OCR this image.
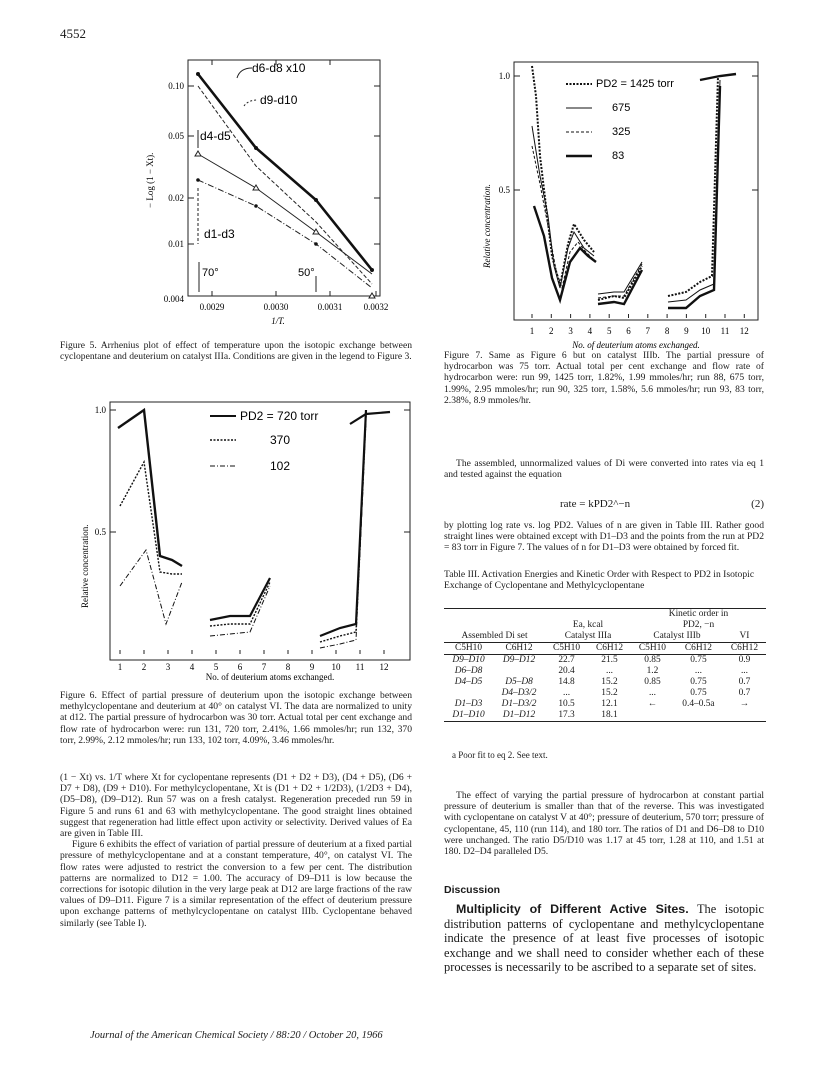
4552
0.10
0.05
0.02
0.01
0.004
0.0029	0.0030	0.0031 0.0032
1/T.
− Log (1 − Xt).
d6-d8 x10
d9-d10
d4-d5
d1-d3
70°	50°
Figure 5. Arrhenius plot of effect of temperature upon the isotopic exchange between cyclopentane and deuterium on catalyst IIIa. Conditions are given in the legend to Figure 3.
1.0
0.5
1 2 3 4 5 6 7 8 9 10 11 12
No. of deuterium atoms exchanged.
Relative concentration.
PD2 = 1425 torr
675
325
83
Figure 7. Same as Figure 6 but on catalyst IIIb. The partial pressure of hydrocarbon was 75 torr. Actual total per cent exchange and flow rate of hydrocarbon were: run 99, 1425 torr, 1.82%, 1.99 mmoles/hr; run 88, 675 torr, 1.99%, 2.95 mmoles/hr; run 90, 325 torr, 1.58%, 5.6 mmoles/hr; run 93, 83 torr, 2.38%, 8.9 mmoles/hr.
1.0
0.5
1 2 3 4 5 6 7 8 9 10 11 12
No. of deuterium atoms exchanged.
Relative concentration.
PD2 = 720 torr
370
102
Figure 6. Effect of partial pressure of deuterium upon the isotopic exchange between methylcyclopentane and deuterium at 40° on catalyst VI. The data are normalized to unity at d12. The partial pressure of hydrocarbon was 30 torr. Actual total per cent exchange and flow rate of hydrocarbon were: run 131, 720 torr, 2.41%, 1.66 mmoles/hr; run 132, 370 torr, 2.99%, 2.12 mmoles/hr; run 133, 102 torr, 4.09%, 3.46 mmoles/hr.

(1 − Xt) vs. 1/T where Xt for cyclopentane represents (D1 + D2 + D3), (D4 + D5), (D6 + D7 + D8), (D9 + D10). For methylcyclopentane, Xt is (D1 + D2 + 1/2D3), (1/2D3 + D4), (D5–D8), (D9–D12). Run 57 was on a fresh catalyst. Regeneration preceded run 59 in Figure 5 and runs 61 and 63 with methylcyclopentane. The good straight lines obtained suggest that regeneration had little effect upon activity or selectivity. Derived values of Ea are given in Table III.

Figure 6 exhibits the effect of variation of partial pressure of deuterium at a fixed partial pressure of methylcyclopentane and at a constant temperature, 40°, on catalyst VI. The flow rates were adjusted to restrict the conversion to a few per cent. The distribution patterns are normalized to D12 = 1.00. The accuracy of D9–D11 is low because the corrections for isotopic dilution in the very large peak at D12 are large fractions of the raw values of D9–D11. Figure 7 is a similar representation of the effect of deuterium pressure upon exchange patterns of methylcyclopentane on catalyst IIIb. Cyclopentane behaved similarly (see Table I).

The assembled, unnormalized values of Di were converted into rates via eq 1 and tested against the equation
rate = kPD2^−n	(2)
by plotting log rate vs. log PD2. Values of n are given in Table III. Rather good straight lines were obtained except with D1–D3 and the points from the run at PD2 = 83 torr in Figure 7. The values of n for D1–D3 were obtained by forced fit.
Table III. Activation Energies and Kinetic Order with Respect to PD2 in Isotopic Exchange of Cyclopentane and Methylcyclopentane
				Kinetic order in		
		Ea, kcal		PD2, −n		
Assembled Di set		Catalyst IIIa		Catalyst IIIb		VI
C5H10	C6H12	C5H10	C6H12	C5H10	C6H12	C6H12
D9–D10	D9–D12	22.7	21.5	0.85	0.75	0.9
D6–D8		20.4	...	1.2	...	...
D4–D5	D5–D8	14.8	15.2	0.85	0.75	0.7
	D4–D3/2	...	15.2	...	0.75	0.7
D1–D3	D1–D3/2	10.5	12.1	←	0.4–0.5a	→
D1–D10	D1–D12	17.3	18.1			
a Poor fit to eq 2. See text.
The effect of varying the partial pressure of hydrocarbon at constant partial pressure of deuterium is smaller than that of the reverse. This was investigated with cyclopentane on catalyst V at 40°; pressure of deuterium, 570 torr; pressure of cyclopentane, 45, 110 (run 114), and 180 torr. The ratios of D1 and D6–D8 to D10 were unchanged. The ratio D5/D10 was 1.17 at 45 torr, 1.28 at 110, and 1.51 at 180. D2–D4 paralleled D5.
Discussion
Multiplicity of Different Active Sites. The isotopic distribution patterns of cyclopentane and methylcyclopentane indicate the presence of at least five processes of isotopic exchange and we shall need to consider whether each of these processes is necessarily to be ascribed to a separate set of sites.
Journal of the American Chemical Society / 88:20 / October 20, 1966
